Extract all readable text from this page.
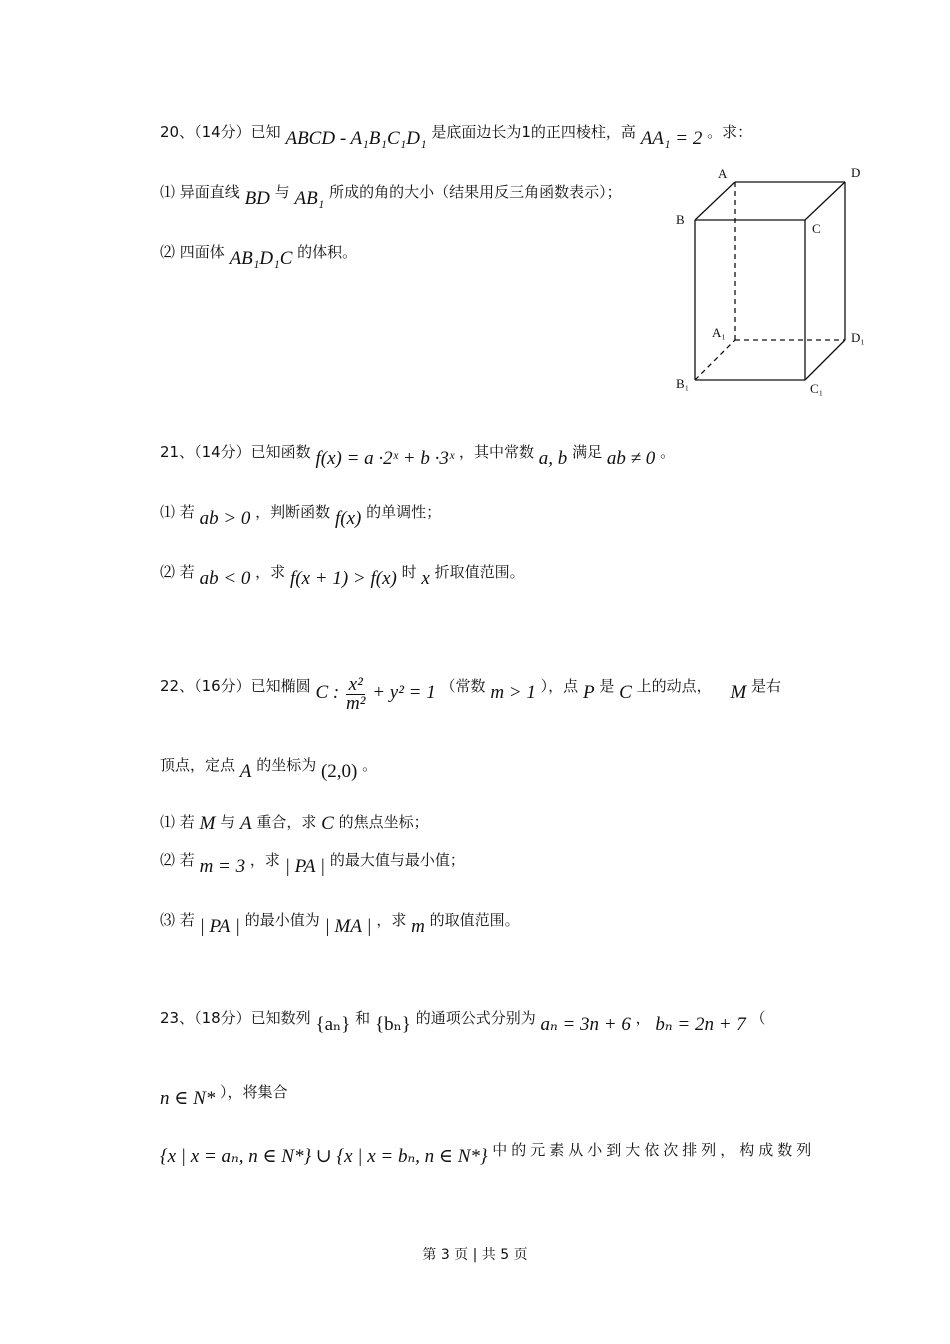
20、（14分）已知 ABCD - A₁B₁C₁D₁ 是底面边长为1的正四棱柱，高 AA₁ = 2 。求：
⑴ 异面直线 BD 与 AB₁ 所成的角的大小（结果用反三角函数表示）；
⑵ 四面体 AB₁D₁C 的体积。
A	D
B
C
A₁	D₁
B₁	C₁
21、（14分）已知函数 f(x) = a ·2ˣ + b ·3ˣ ，其中常数 a, b 满足 ab ≠ 0 。
⑴ 若 ab > 0 ，判断函数 f(x) 的单调性；
⑵ 若 ab < 0 ，求 f(x + 1) > f(x) 时 x 折取值范围。
22、（16分）已知椭圆 C : $\frac{\text{x²}}{\text{m²}} + y^2 = 1$ （常数 m > 1 ），点 P 是 C 上的动点， M 是右
顶点，定点 A 的坐标为 (2,0) 。
⑴ 若 M 与 A 重合，求 C 的焦点坐标；
⑵ 若 m = 3 ，求 | PA | 的最大值与最小值；
⑶ 若 | PA | 的最小值为 | MA | ，求 m 的取值范围。
23、（18分）已知数列 {aₙ} 和 {bₙ} 的通项公式分别为 aₙ = 3n + 6 ， bₙ = 2n + 7 （
n ∈ N* ），将集合
{x | x = aₙ, n ∈ N*} ∪ {x | x = bₙ, n ∈ N*} 中的元素从小到大依次排列，构成数列
第 3 页 | 共 5 页
